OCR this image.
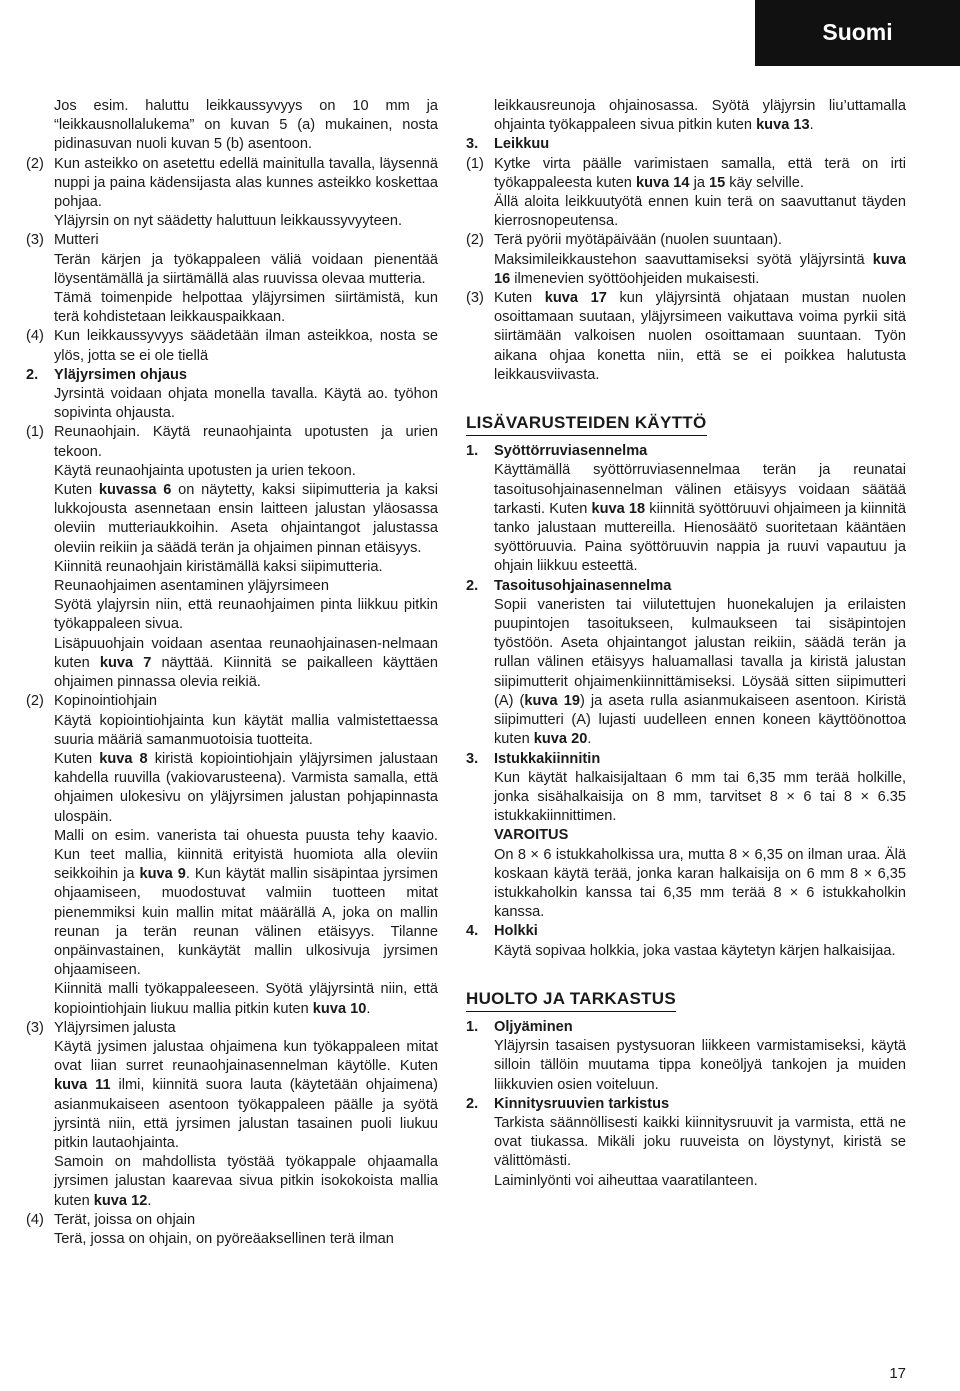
Suomi

Jos esim. haluttu leikkaussyvyys on 10 mm ja “leikkausnollalukema” on kuvan 5 (a) mukainen, nosta pidinasuvan nuoli kuvan 5 (b) asentoon.

(2) Kun asteikko on asetettu edellä mainitulla tavalla, läysennä nuppi ja paina kädensijasta alas kunnes asteikko koskettaa pohjaa.

Yläjyrsin on nyt säädetty haluttuun leikkaussyvyyteen.

(3) Mutteri

Terän kärjen ja työkappaleen väliä voidaan pienentää löysentämällä ja siirtämällä alas ruuvissa olevaa mutteria.

Tämä toimenpide helpottaa yläjyrsimen siirtämistä, kun terä kohdistetaan leikkauspaikkaan.

(4) Kun leikkaussyvyys säädetään ilman asteikkoa, nosta se ylös, jotta se ei ole tiellä
2.	Yläjyrsimen ohjaus

Jyrsintä voidaan ohjata monella tavalla. Käytä ao. työhon sopivinta ohjausta.

(1) Reunaohjain. Käytä reunaohjainta upotusten ja urien tekoon.

Käytä reunaohjainta upotusten ja urien tekoon.

Kuten kuvassa 6 on näytetty, kaksi siipimutteria ja kaksi lukkojousta asennetaan ensin laitteen jalustan yläosassa oleviin mutteriaukkoihin. Aseta ohjaintangot jalustassa oleviin reikiin ja säädä terän ja ohjaimen pinnan etäisyys.

Kiinnitä reunaohjain kiristämällä kaksi siipimutteria.

Reunaohjaimen asentaminen yläjyrsimeen

Syötä ylajyrsin niin, että reunaohjaimen pinta liikkuu pitkin työkappaleen sivua.

Lisäpuuohjain voidaan asentaa reunaohjainasen-nelmaan kuten kuva 7 näyttää. Kiinnitä se paikalleen käyttäen ohjaimen pinnassa olevia reikiä.

(2) Kopinointiohjain

Käytä kopiointiohjainta kun käytät mallia valmistettaessa suuria määriä samanmuotoisia tuotteita.

Kuten kuva 8 kiristä kopiointiohjain yläjyrsimen jalustaan kahdella ruuvilla (vakiovarusteena). Varmista samalla, että ohjaimen ulokesivu on yläjyrsimen jalustan pohjapinnasta ulospäin.

Malli on esim. vanerista tai ohuesta puusta tehy kaavio. Kun teet mallia, kiinnitä erityistä huomiota alla oleviin seikkoihin ja kuva 9. Kun käytät mallin sisäpintaa jyrsimen ohjaamiseen, muodostuvat valmiin tuotteen mitat pienemmiksi kuin mallin mitat määrällä A, joka on mallin reunan ja terän reunan välinen etäisyys. Tilanne onpäinvastainen, kunkäytät mallin ulkosivuja jyrsimen ohjaamiseen.

Kiinnitä malli työkappaleeseen. Syötä yläjyrsintä niin, että kopiointiohjain liukuu mallia pitkin kuten kuva 10.

(3) Yläjyrsimen jalusta

Käytä jysimen jalustaa ohjaimena kun työkappaleen mitat ovat liian surret reunaohjainasennelman käytölle. Kuten kuva 11 ilmi, kiinnitä suora lauta (käytetään ohjaimena) asianmukaiseen asentoon työkappaleen päälle ja syötä jyrsintä niin, että jyrsimen jalustan tasainen puoli liukuu pitkin lautaohjainta.

Samoin on mahdollista työstää työkappale ohjaamalla jyrsimen jalustan kaarevaa sivua pitkin isokokoista mallia kuten kuva 12.

(4) Terät, joissa on ohjain

Terä, jossa on ohjain, on pyöreäaksellinen terä ilman

leikkausreunoja ohjainosassa. Syötä yläjyrsin liu’uttamalla ohjainta työkappaleen sivua pitkin kuten kuva 13.

3.	Leikkuu
(1) Kytke virta päälle varimistaen samalla, että terä on irti työkappaleesta kuten kuva 14 ja 15 käy selville.

Ällä aloita leikkuutyötä ennen kuin terä on saavuttanut täyden kierrosnopeutensa.

(2) Terä pyörii myötäpäivään (nuolen suuntaan).

Maksimileikkaustehon saavuttamiseksi syötä yläjyrsintä kuva 16 ilmenevien syöttöohjeiden mukaisesti.

(3) Kuten kuva 17 kun yläjyrsintä ohjataan mustan nuolen osoittamaan suutaan, yläjyrsimeen vaikuttava voima pyrkii sitä siirtämään valkoisen nuolen osoittamaan suuntaan. Työn aikana ohjaa konetta niin, että se ei poikkea halutusta leikkausviivasta.
LISÄVARUSTEIDEN KÄYTTÖ
1.	Syöttörruviasennelma

Käyttämällä syöttörruviasennelmaa terän ja reunatai tasoitusohjainasennelman välinen etäisyys voidaan säätää tarkasti. Kuten kuva 18 kiinnitä syöttöruuvi ohjaimeen ja kiinnitä tanko jalustaan muttereilla. Hienosäätö suoritetaan kääntäen syöttöruuvia. Paina syöttöruuvin nappia ja ruuvi vapautuu ja ohjain liikkuu esteettä.

2.	Tasoitusohjainasennelma

Sopii vaneristen tai viilutettujen huonekalujen ja erilaisten puupintojen tasoitukseen, kulmaukseen tai sisäpintojen työstöön. Aseta ohjaintangot jalustan reikiin, säädä terän ja rullan välinen etäisyys haluamallasi tavalla ja kiristä jalustan siipimutterit ohjaimenkiinnittämiseksi. Löysää sitten siipimutteri (A) (kuva 19) ja aseta rulla asianmukaiseen asentoon. Kiristä siipimutteri (A) lujasti uudelleen ennen koneen käyttöönottoa kuten kuva 20.

3.	Istukkakiinnitin

Kun käytät halkaisijaltaan 6 mm tai 6,35 mm terää holkille, jonka sisähalkaisija on 8 mm, tarvitset 8 × 6 tai 8 × 6.35 istukkakiinnittimen.

VAROITUS

On 8 × 6 istukkaholkissa ura, mutta 8 × 6,35 on ilman uraa. Älä koskaan käytä terää, jonka karan halkaisija on 6 mm 8 × 6,35 istukkaholkin kanssa tai 6,35 mm terää 8 × 6 istukkaholkin kanssa.

4.	Holkki

Käytä sopivaa holkkia, joka vastaa käytetyn kärjen halkaisijaa.

HUOLTO JA TARKASTUS
1.	Oljyäminen

Yläjyrsin tasaisen pystysuoran liikkeen varmistamiseksi, käytä silloin tällöin muutama tippa koneöljyä tankojen ja muiden liikkuvien osien voiteluun.

2.	Kinnitysruuvien tarkistus

Tarkista säännöllisesti kaikki kiinnitysruuvit ja varmista, että ne ovat tiukassa. Mikäli joku ruuveista on löystynyt, kiristä se välittömästi.

Laiminlyönti voi aiheuttaa vaaratilanteen.

17
